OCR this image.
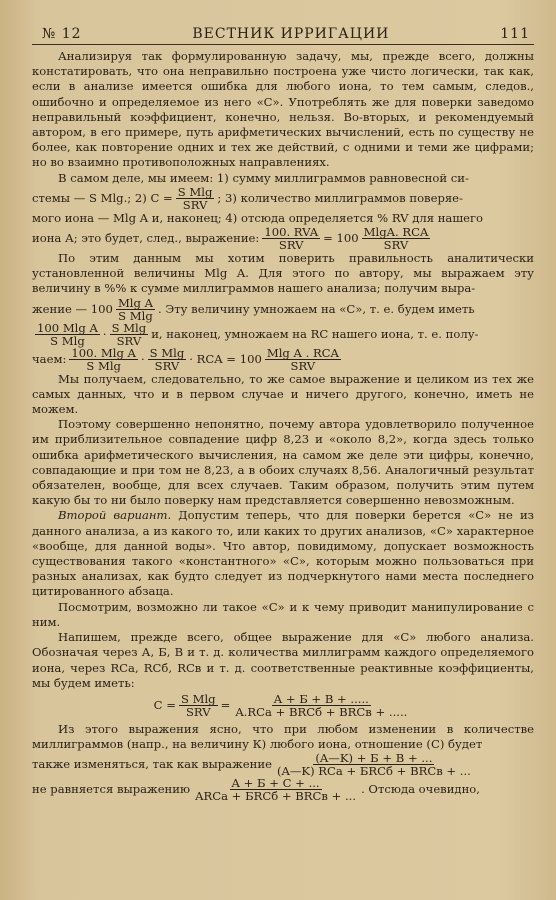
№ 12	ВЕСТНИК ИРРИГАЦИИ	111

Анализируя так формулированную задачу, мы, прежде всего, должны констатировать, что она неправильно построена уже чисто логически, так как, если в анализе имеется ошибка для любого иона, то тем самым, следов., ошибочно и определяемое из него «С». Употреблять же для поверки заведомо неправильный коэффициент, конечно, нельзя. Во-вторых, и рекомендуемый автором, в его примере, путь арифметических вычислений, есть по существу не более, как повторение одних и тех же действий, с одними и теми же цифрами; но во взаимно противоположных направлениях.

В самом деле, мы имеем: 1) сумму миллиграммов равновесной си-

стемы — S Mlg.; 2) $С = \frac{\text{S Mlg}}{\text{SRV}}$ ; 3) количество миллиграммов поверяе-

мого иона — Mlg A и, наконец; 4) отсюда определяется % RV для нашего

иона А; это будет, след., выражение: $\frac{\text{100. RVA}}{\text{SRV}} = 100 \frac{\text{MlgA. RCA}}{\text{SRV}}$

По этим данным мы хотим поверить правильность аналитически установленной величины Mlg A. Для этого по автору, мы выражаем эту величину в %% к сумме миллиграммов нашего анализа; получим выра-

жение — $100 \frac{\text{Mlg A}}{\text{S Mlg}}$ . Эту величину умножаем на «С», т. е. будем иметь
$\frac{\text{100 Mlg A}}{\text{S Mlg}} \cdot \frac{\text{S Mlg}}{\text{SRV}} и$, наконец, умножаем на RC нашего иона, т. е. полу-
чаем: $\frac{\text{100. Mlg A}}{\text{S Mlg}} \cdot \frac{\text{S Mlg}}{\text{SRV}}$ · RCA = $100 \frac{\text{Mlg A . RCA}}{\text{SRV}}$

Мы получаем, следовательно, то же самое выражение и целиком из тех же самых данных, что и в первом случае и ничего другого, конечно, иметь не можем.

Поэтому совершенно непонятно, почему автора удовлетворило полученное им приблизительное совпадение цифр 8,23 и «около 8,2», когда здесь только ошибка арифметического вычисления, на самом же деле эти цифры, конечно, совпадающие и при том не 8,23, а в обоих случаях 8,56. Аналогичный результат обязателен, вообще, для всех случаев. Таким образом, получить этим путем какую бы то ни было поверку нам представляется совершенно невозможным.

Второй вариант. Допустим теперь, что для поверки берется «С» не из данного анализа, а из какого то, или каких то других анализов, «С» характерное «вообще, для данной воды». Что автор, повидимому, допускает возможность существования такого «константного» «С», которым можно пользоваться при разных анализах, как будто следует из подчеркнутого нами места последнего цитированного абзаца.

Посмотрим, возможно ли такое «С» и к чему приводит манипулирование с ним.

Напишем, прежде всего, общее выражение для «С» любого анализа. Обозначая через А, Б, В и т. д. количества миллиграмм каждого определяемого иона, через RCa, RCб, RCв и т. д. соответственные реактивные коэффициенты, мы будем иметь:

$C = \frac{\text{S Mlg}}{\text{SRV}} = \frac{A + Б + В + .....}{\text{A.RCa + BRCб + BRCв + .....}}$

Из этого выражения ясно, что при любом изменении в количестве миллиграммов (напр., на величину К) любого иона, отношение (С) будет

также изменяться, так как выражение $\frac{(A—K) + Б + В + ...}{\text{(A—K) RCa + БRCб + BRCв + ...}}$
не равняется выражению $\frac{A + Б + С + ...}{\text{ARCa + БRCб + BRCв + ...}}$ . Отсюда очевидно,
